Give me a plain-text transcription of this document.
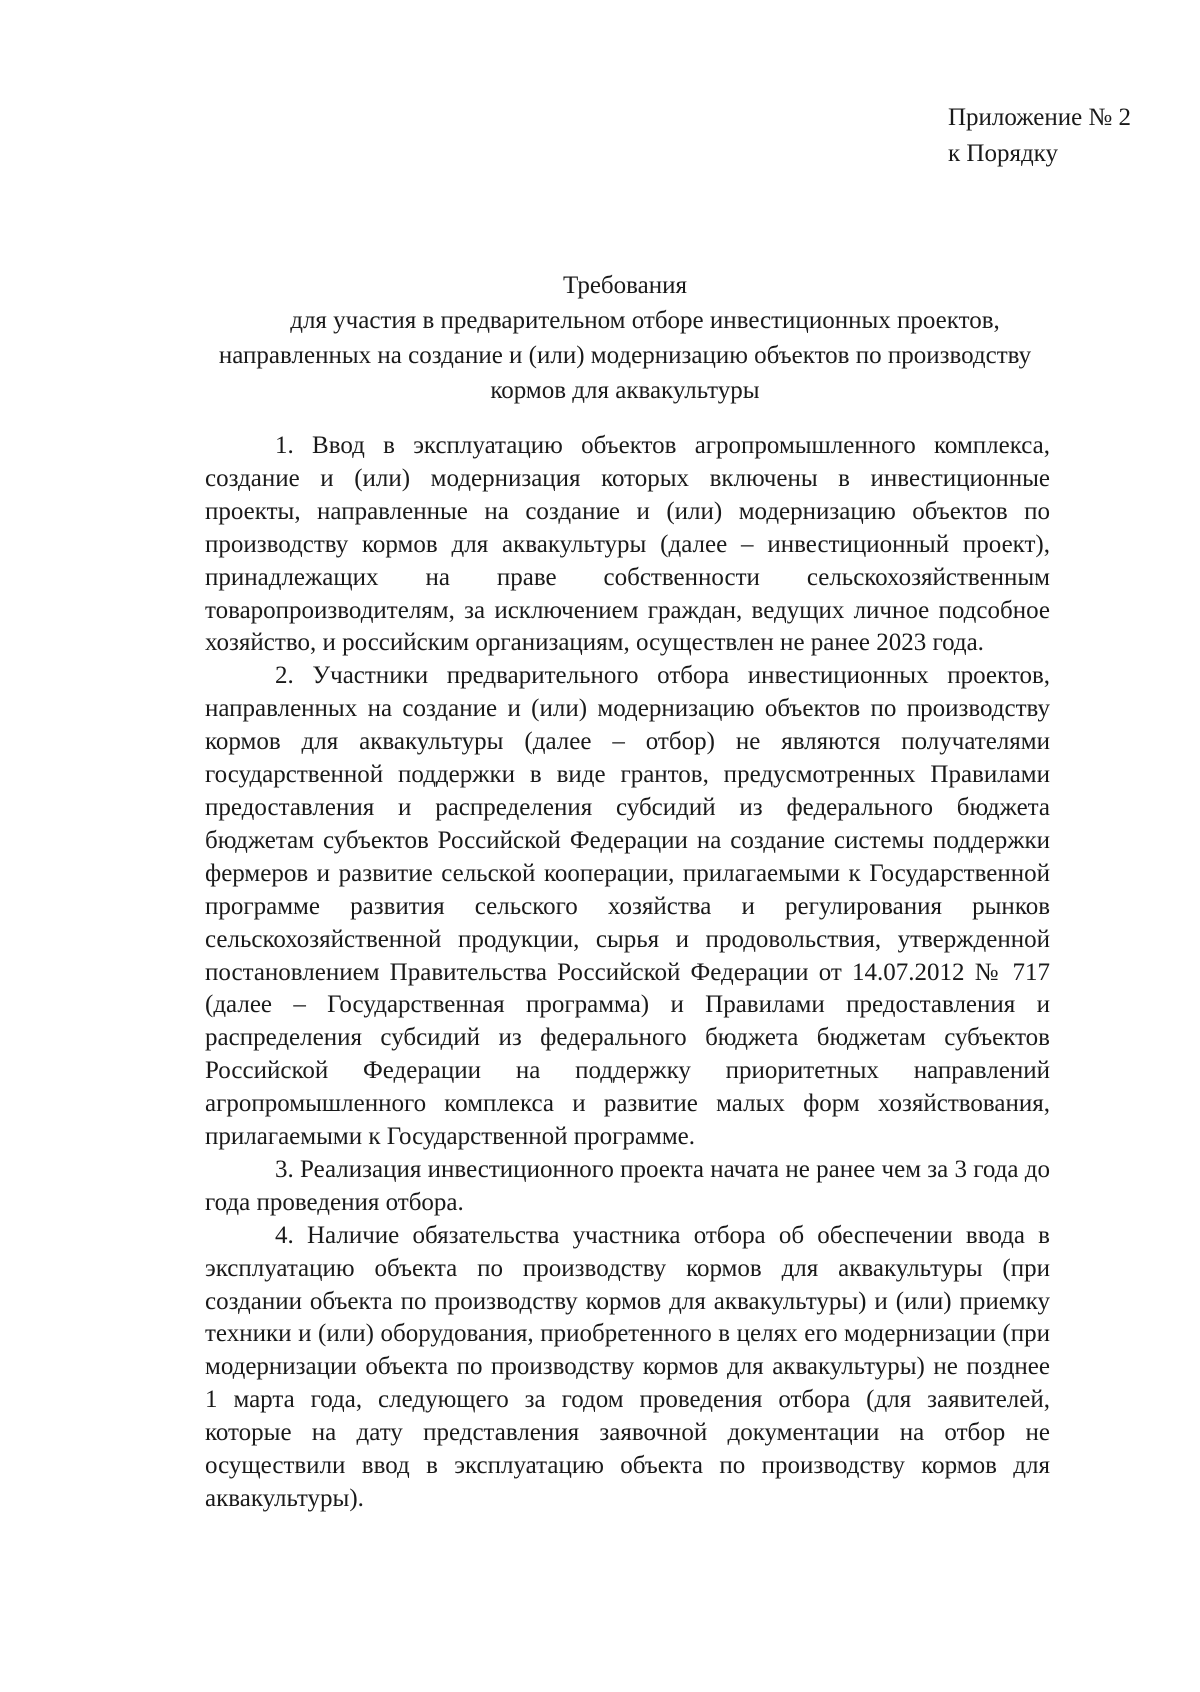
Приложение № 2
к Порядку
Требования
для участия в предварительном отборе инвестиционных проектов,
направленных на создание и (или) модернизацию объектов по производству
кормов для аквакультуры

1. Ввод в эксплуатацию объектов агропромышленного комплекса, создание и (или) модернизация которых включены в инвестиционные проекты, направленные на создание и (или) модернизацию объектов по производству кормов для аквакультуры (далее – инвестиционный проект), принадлежащих на праве собственности сельскохозяйственным товаропроизводителям, за исключением граждан, ведущих личное подсобное хозяйство, и российским организациям, осуществлен не ранее 2023 года.

2. Участники предварительного отбора инвестиционных проектов, направленных на создание и (или) модернизацию объектов по производству кормов для аквакультуры (далее – отбор) не являются получателями государственной поддержки в виде грантов, предусмотренных Правилами предоставления и распределения субсидий из федерального бюджета бюджетам субъектов Российской Федерации на создание системы поддержки фермеров и развитие сельской кооперации, прилагаемыми к Государственной программе развития сельского хозяйства и регулирования рынков сельскохозяйственной продукции, сырья и продовольствия, утвержденной постановлением Правительства Российской Федерации от 14.07.2012 № 717 (далее – Государственная программа) и Правилами предоставления и распределения субсидий из федерального бюджета бюджетам субъектов Российской Федерации на поддержку приоритетных направлений агропромышленного комплекса и развитие малых форм хозяйствования, прилагаемыми к Государственной программе.

3. Реализация инвестиционного проекта начата не ранее чем за 3 года до года проведения отбора.

4. Наличие обязательства участника отбора об обеспечении ввода в эксплуатацию объекта по производству кормов для аквакультуры (при создании объекта по производству кормов для аквакультуры) и (или) приемку техники и (или) оборудования, приобретенного в целях его модернизации (при модернизации объекта по производству кормов для аквакультуры) не позднее 1 марта года, следующего за годом проведения отбора (для заявителей, которые на дату представления заявочной документации на отбор не осуществили ввод в эксплуатацию объекта по производству кормов для аквакультуры).
